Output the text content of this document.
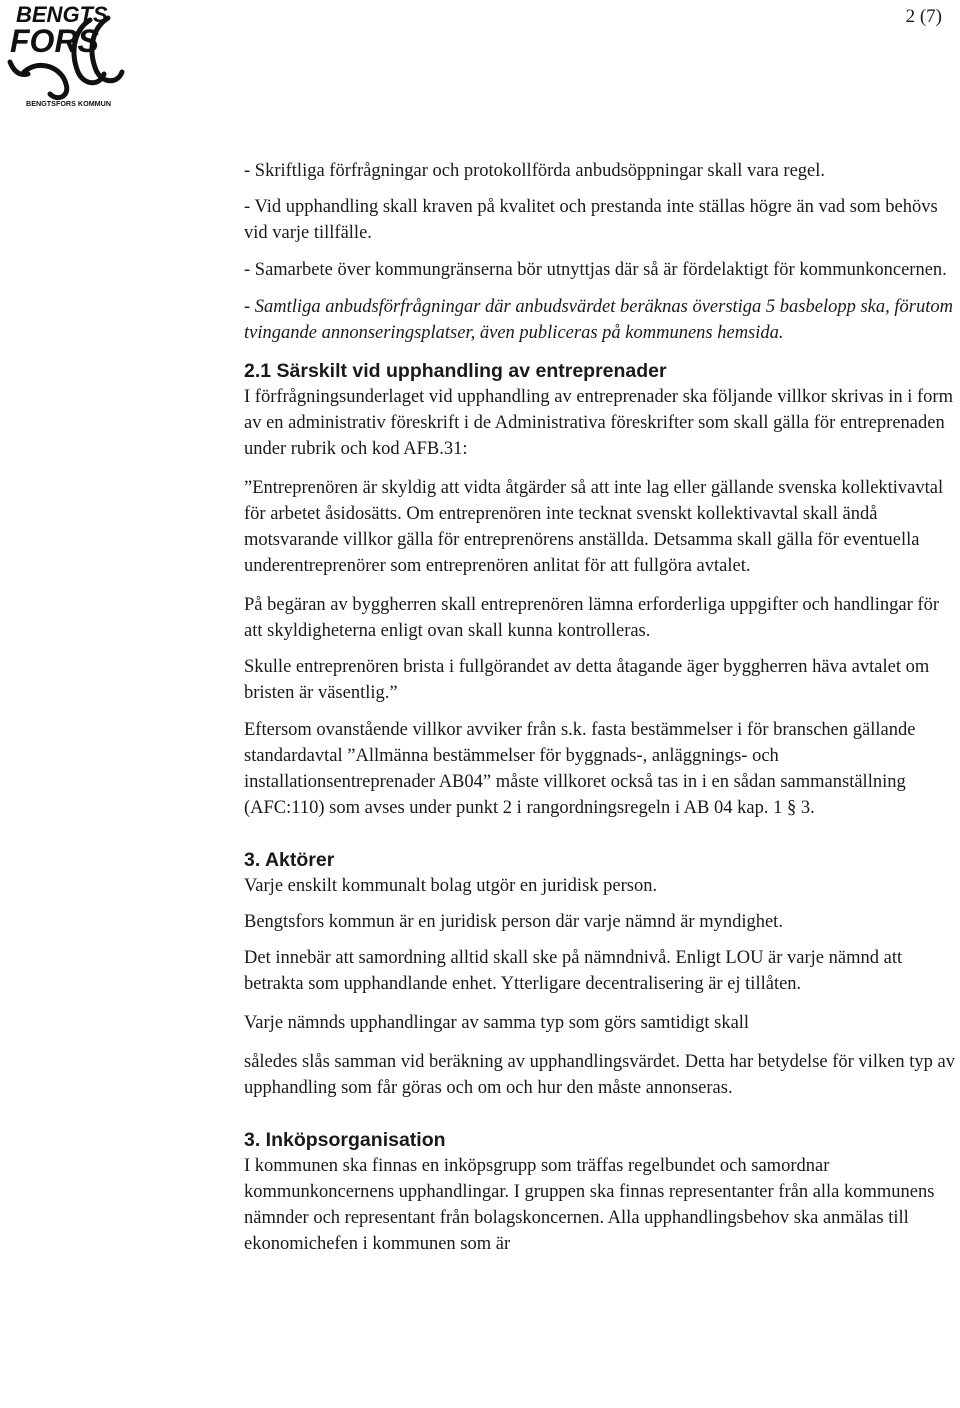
BENGTS
FORS
BENGTSFORS KOMMUN
2 (7)

- Skriftliga förfrågningar och protokollförda anbudsöppningar skall vara regel.

- Vid upphandling skall kraven på kvalitet och prestanda inte ställas högre än vad som behövs vid varje tillfälle.

- Samarbete över kommungränserna bör utnyttjas där så är fördelaktigt för kommunkoncernen.

- Samtliga anbudsförfrågningar där anbudsvärdet beräknas överstiga 5 basbelopp ska, förutom tvingande annonseringsplatser, även publiceras på kommunens hemsida.

2.1 Särskilt vid upphandling av entreprenader

I förfrågningsunderlaget vid upphandling av entreprenader ska följande villkor skrivas in i form av en administrativ föreskrift i de Administrativa föreskrifter som skall gälla för entreprenaden under rubrik och kod AFB.31:

”Entreprenören är skyldig att vidta åtgärder så att inte lag eller gällande svenska kollektivavtal för arbetet åsidosätts. Om entreprenören inte tecknat svenskt kollektivavtal skall ändå motsvarande villkor gälla för entreprenörens anställda. Detsamma skall gälla för eventuella underentreprenörer som entreprenören anlitat för att fullgöra avtalet.

På begäran av byggherren skall entreprenören lämna erforderliga uppgifter och handlingar för att skyldigheterna enligt ovan skall kunna kontrolleras.

Skulle entreprenören brista i fullgörandet av detta åtagande äger byggherren häva avtalet om bristen är väsentlig.”

Eftersom ovanstående villkor avviker från s.k. fasta bestämmelser i för branschen gällande standardavtal ”Allmänna bestämmelser för byggnads-, anläggnings- och installationsentreprenader AB04” måste villkoret också tas in i en sådan sammanställning (AFC:110) som avses under punkt 2 i rangordningsregeln i AB 04 kap. 1 § 3.

3. Aktörer

Varje enskilt kommunalt bolag utgör en juridisk person.

Bengtsfors kommun är en juridisk person där varje nämnd är myndighet.

Det innebär att samordning alltid skall ske på nämndnivå. Enligt LOU är varje nämnd att betrakta som upphandlande enhet. Ytterligare decentralisering är ej tillåten.

Varje nämnds upphandlingar av samma typ som görs samtidigt skall

således slås samman vid beräkning av upphandlingsvärdet. Detta har betydelse för vilken typ av upphandling som får göras och om och hur den måste annonseras.

3. Inköpsorganisation

I kommunen ska finnas en inköpsgrupp som träffas regelbundet och samordnar kommunkoncernens upphandlingar. I gruppen ska finnas representanter från alla kommunens nämnder och representant från bolagskoncernen. Alla upphandlingsbehov ska anmälas till ekonomichefen i kommunen som är
